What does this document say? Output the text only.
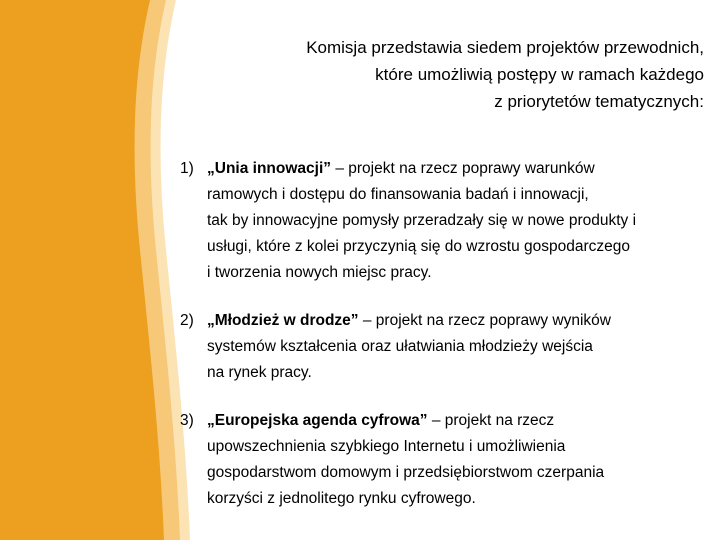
Komisja przedstawia siedem projektów przewodnich,
które umożliwią postępy w ramach każdego
z priorytetów tematycznych:
1) „Unia innowacji” – projekt na rzecz poprawy warunków
ramowych i dostępu do finansowania badań i innowacji,
tak by innowacyjne pomysły przeradzały się w nowe produkty i
usługi, które z kolei przyczynią się do wzrostu gospodarczego
i tworzenia nowych miejsc pracy.
2) „Młodzież w drodze” – projekt na rzecz poprawy wyników
systemów kształcenia oraz ułatwiania młodzieży wejścia
na rynek pracy.
3) „Europejska agenda cyfrowa” – projekt na rzecz
upowszechnienia szybkiego Internetu i umożliwienia
gospodarstwom domowym i przedsiębiorstwom czerpania
korzyści z jednolitego rynku cyfrowego.
